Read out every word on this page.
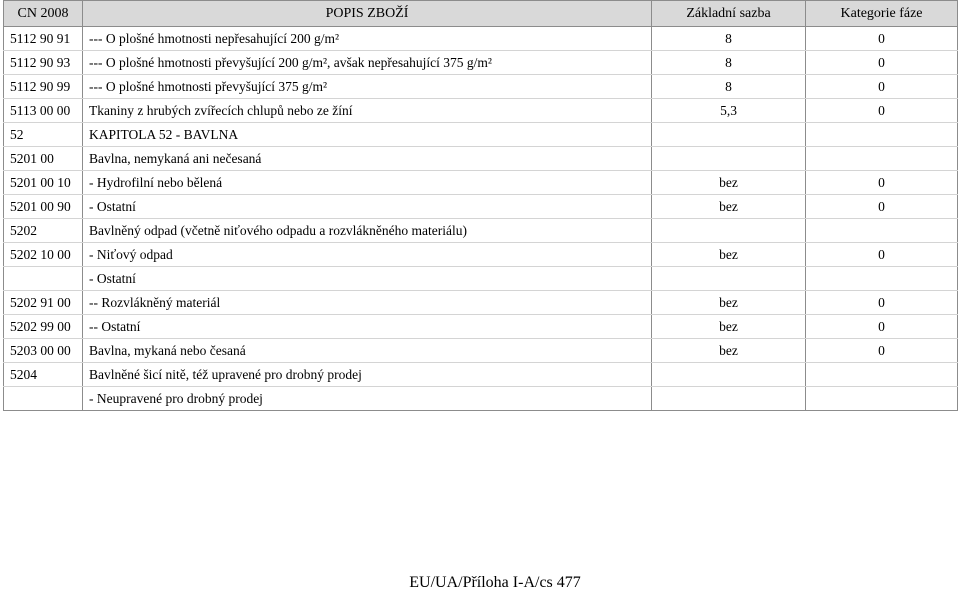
CN 2008	POPIS ZBOŽÍ	Základní sazba	Kategorie fáze
5112 90 91	--- O plošné hmotnosti nepřesahující 200 g/m²	8	0
5112 90 93	--- O plošné hmotnosti převyšující 200 g/m², avšak nepřesahující 375 g/m²	8	0
5112 90 99	--- O plošné hmotnosti převyšující 375 g/m²	8	0
5113 00 00	Tkaniny z hrubých zvířecích chlupů nebo ze žíní	5,3	0
52	KAPITOLA 52 - BAVLNA		
5201 00	Bavlna, nemykaná ani nečesaná		
5201 00 10	- Hydrofilní nebo bělená	bez	0
5201 00 90	- Ostatní	bez	0
5202	Bavlněný odpad (včetně niťového odpadu a rozvlákněného materiálu)		
5202 10 00	- Niťový odpad	bez	0
	- Ostatní		
5202 91 00	-- Rozvlákněný materiál	bez	0
5202 99 00	-- Ostatní	bez	0
5203 00 00	Bavlna, mykaná nebo česaná	bez	0
5204	Bavlněné šicí nitě, též upravené pro drobný prodej		
	- Neupravené pro drobný prodej		
EU/UA/Příloha I-A/cs 477
